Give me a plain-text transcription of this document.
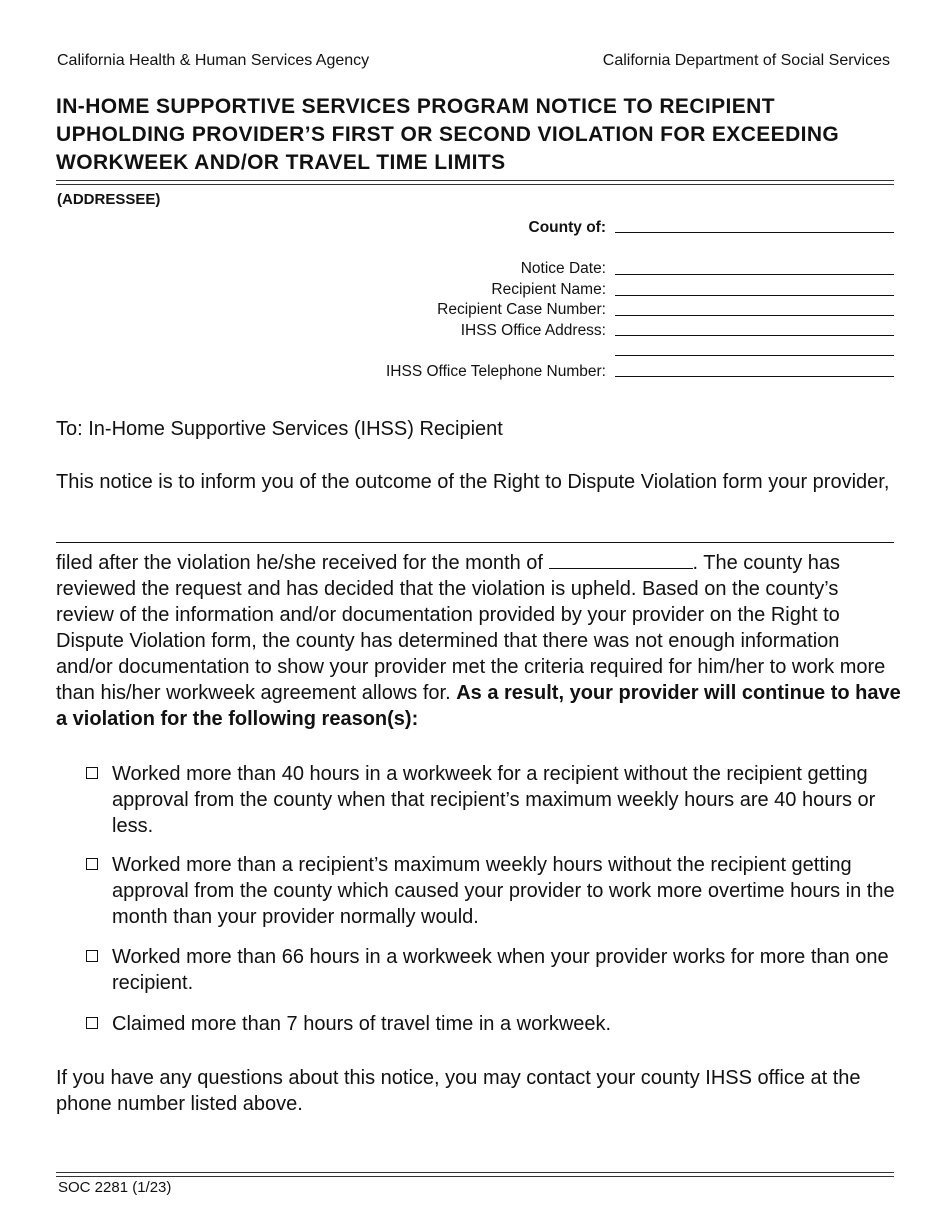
California Health & Human Services Agency	California Department of Social Services
IN-HOME SUPPORTIVE SERVICES PROGRAM NOTICE TO RECIPIENT UPHOLDING PROVIDER’S FIRST OR SECOND VIOLATION FOR EXCEEDING WORKWEEK AND/OR TRAVEL TIME LIMITS
(ADDRESSEE)
County of:
Notice Date:
Recipient Name:
Recipient Case Number:
IHSS Office Address:
IHSS Office Telephone Number:
To: In-Home Supportive Services (IHSS) Recipient
This notice is to inform you of the outcome of the Right to Dispute Violation form your provider,
filed after the violation he/she received for the month of	. The county has reviewed the request and has decided that the violation is upheld. Based on the county’s review of the information and/or documentation provided by your provider on the Right to Dispute Violation form, the county has determined that there was not enough information and/or documentation to show your provider met the criteria required for him/her to work more than his/her workweek agreement allows for. As a result, your provider will continue to have a violation for the following reason(s):
Worked more than 40 hours in a workweek for a recipient without the recipient getting approval from the county when that recipient’s maximum weekly hours are 40 hours or less.
Worked more than a recipient’s maximum weekly hours without the recipient getting approval from the county which caused your provider to work more overtime hours in the month than your provider normally would.
Worked more than 66 hours in a workweek when your provider works for more than one recipient.
Claimed more than 7 hours of travel time in a workweek.
If you have any questions about this notice, you may contact your county IHSS office at the phone number listed above.
SOC 2281 (1/23)
